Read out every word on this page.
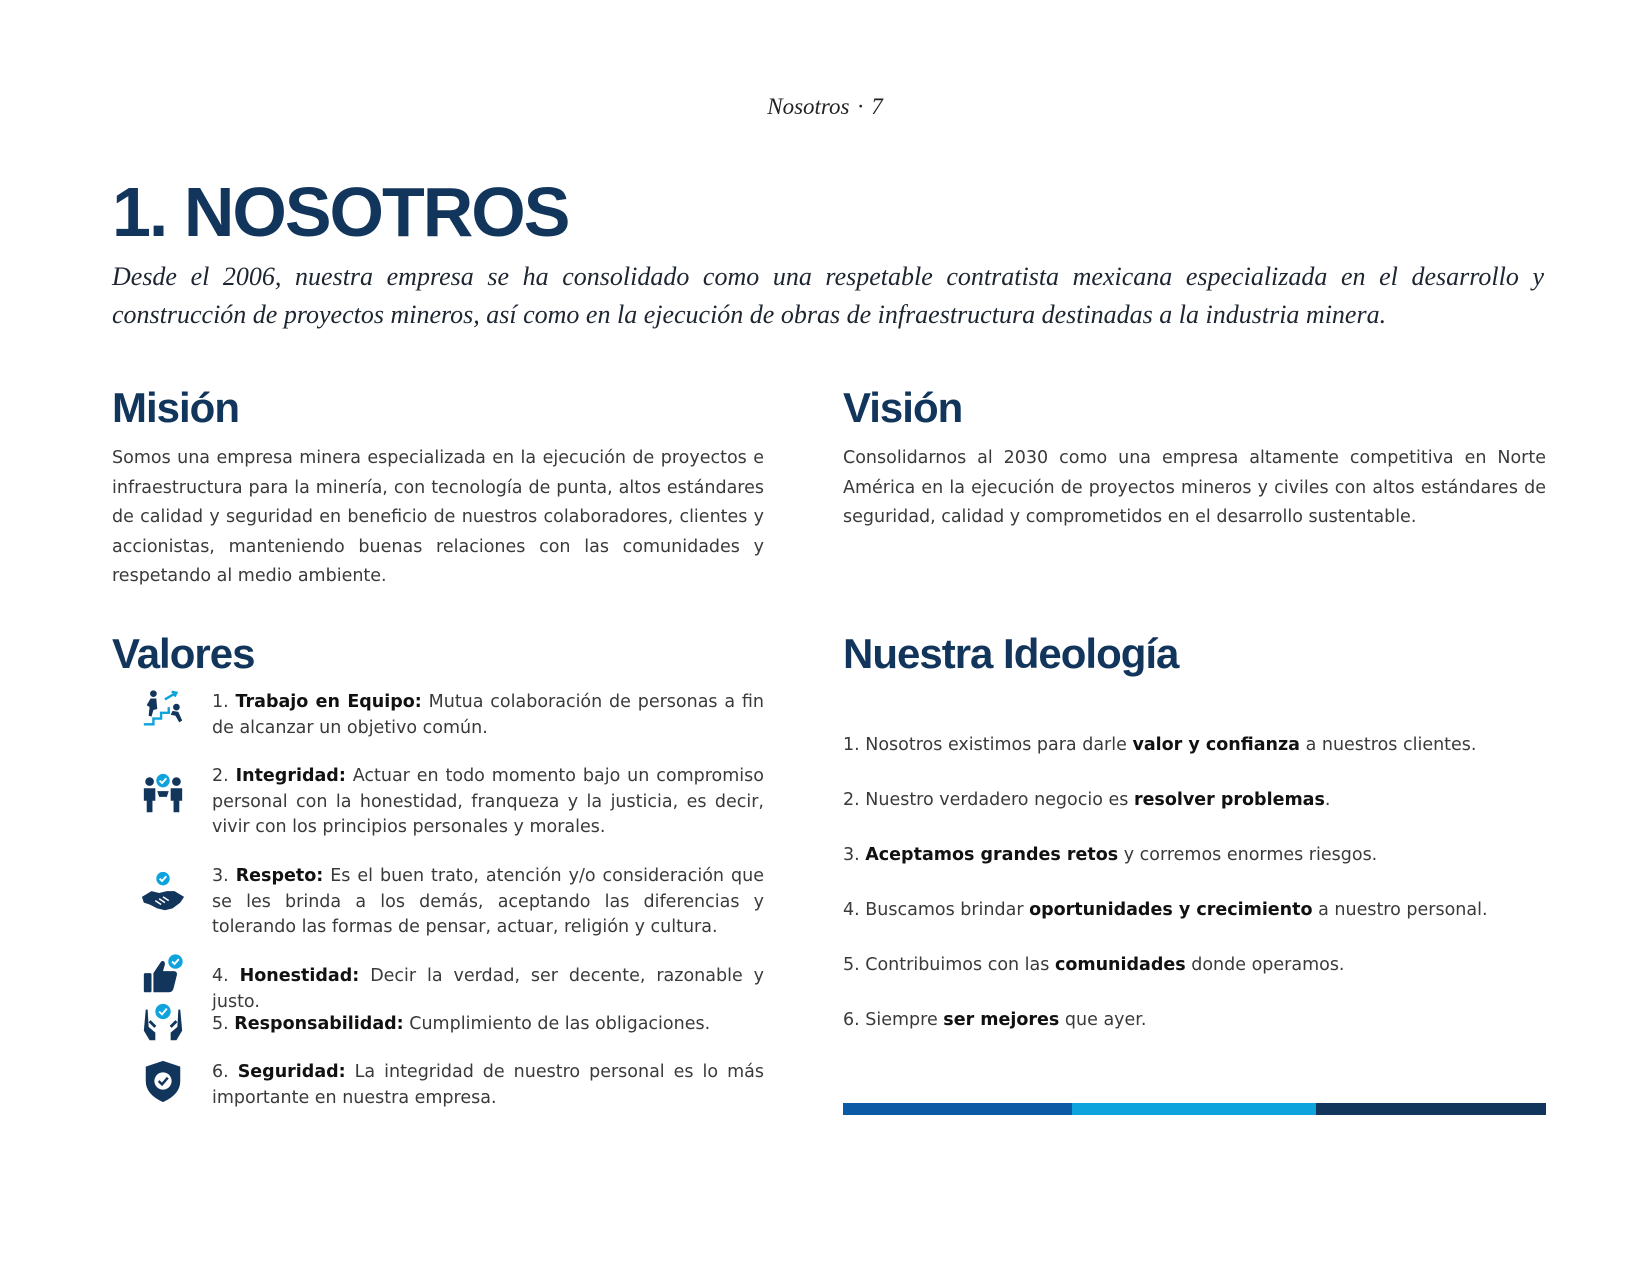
Nosotros · 7
1. NOSOTROS

Desde el 2006, nuestra empresa se ha consolidado como una respetable contratista mexicana especializada en el desarrollo y construcción de proyectos mineros, así como en la ejecución de obras de infraestructura destinadas a la industria minera.

Misión

Somos una empresa minera especializada en la ejecución de proyectos e infraestructura para la minería, con tecnología de punta, altos estándares de calidad y seguridad en beneficio de nuestros colaboradores, clientes y accionistas, manteniendo buenas relaciones con las comunidades y respetando al medio ambiente.

Visión

Consolidarnos al 2030 como una empresa altamente competitiva en Norte América en la ejecución de proyectos mineros y civiles con altos estándares de seguridad, calidad y comprometidos en el desarrollo sustentable.

Valores
1. Trabajo en Equipo: Mutua colaboración de personas a fin de alcanzar un objetivo común.
2. Integridad: Actuar en todo momento bajo un compromiso personal con la honestidad, franqueza y la justicia, es decir, vivir con los principios personales y morales.
3. Respeto: Es el buen trato, atención y/o consideración que se les brinda a los demás, aceptando las diferencias y tolerando las formas de pensar, actuar, religión y cultura.
4. Honestidad: Decir la verdad, ser decente, razonable y justo.
5. Responsabilidad: Cumplimiento de las obligaciones.
6. Seguridad: La integridad de nuestro personal es lo más importante en nuestra empresa.
Nuestra Ideología
1. Nosotros existimos para darle valor y confianza a nuestros clientes.
2. Nuestro verdadero negocio es resolver problemas.
3. Aceptamos grandes retos y corremos enormes riesgos.
4. Buscamos brindar oportunidades y crecimiento a nuestro personal.
5. Contribuimos con las comunidades donde operamos.
6. Siempre ser mejores que ayer.
